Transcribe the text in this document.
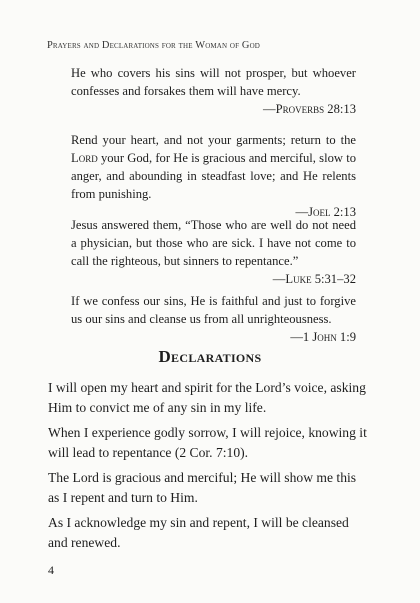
Prayers and Declarations for the Woman of God

He who covers his sins will not prosper, but whoever confesses and forsakes them will have mercy.

—Proverbs 28:13

Rend your heart, and not your garments; return to the Lord your God, for He is gracious and merciful, slow to anger, and abounding in steadfast love; and He relents from punishing.

—Joel 2:13

Jesus answered them, “Those who are well do not need a physician, but those who are sick. I have not come to call the righteous, but sinners to repentance.”

—Luke 5:31–32

If we confess our sins, He is faithful and just to forgive us our sins and cleanse us from all unrighteousness.

—1 John 1:9

Declarations

I will open my heart and spirit for the Lord’s voice, asking Him to convict me of any sin in my life.

When I experience godly sorrow, I will rejoice, knowing it will lead to repentance (2 Cor. 7:10).

The Lord is gracious and merciful; He will show me this as I repent and turn to Him.

As I acknowledge my sin and repent, I will be cleansed and renewed.

4
